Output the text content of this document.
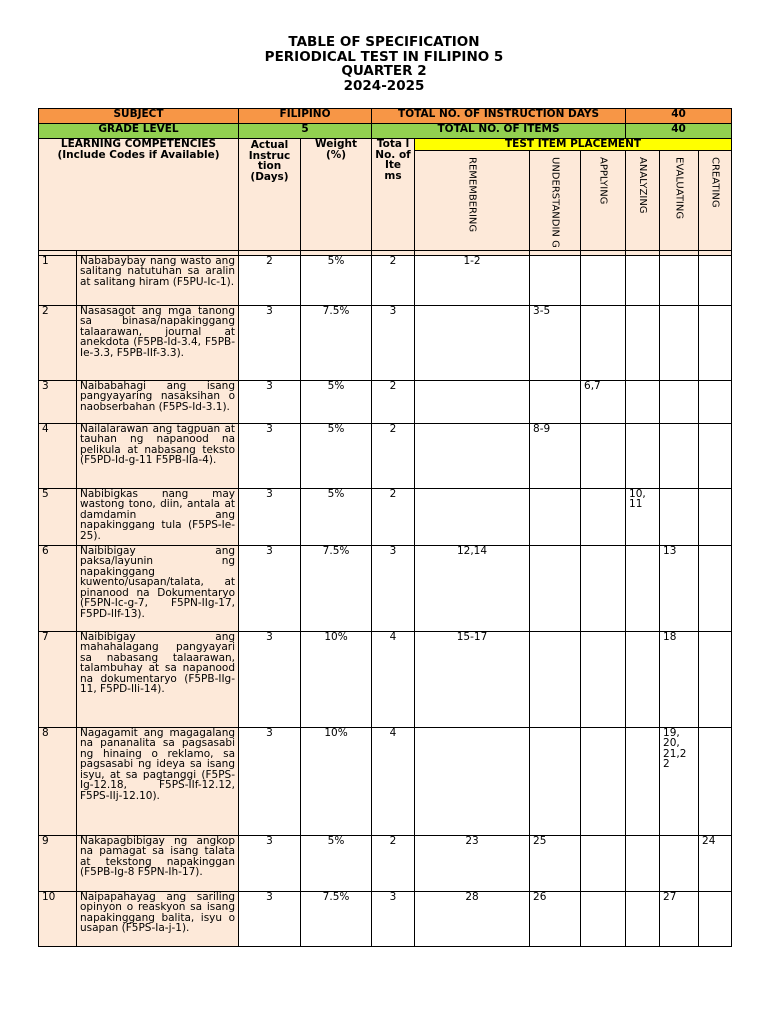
TABLE OF SPECIFICATION
PERIODICAL TEST IN FILIPINO 5
QUARTER 2
2024-2025
SUBJECT		FILIPINO		TOTAL NO. OF INSTRUCTION DAYS				40		
GRADE LEVEL		5		TOTAL NO. OF ITEMS				40		
LEARNING COMPETENCIES (Include Codes if Available)		Actual Instruc tion (Days)	Weight (%)	Tota l No. of Ite ms	TEST ITEM PLACEMENT					
					REMEMBERING	UNDERSTANDIN G	APPLYING	ANALYZING	EVALUATING	CREATING

1	Nababaybay nang wasto ang salitang natutuhan sa aralin at salitang hiram (F5PU-Ic-1).	2	5%	2	1-2					
2	Nasasagot ang mga tanong sa binasa/napakinggang talaarawan, journal at anekdota (F5PB-Id-3.4, F5PB-Ie-3.3, F5PB-IIf-3.3).	3	7.5%	3		3-5				
3	Naibabahagi ang isang pangyayaring nasaksihan o naobserbahan (F5PS-Id-3.1).	3	5%	2			6,7			
4	Nailalarawan ang tagpuan at tauhan ng napanood na pelikula at nabasang teksto (F5PD-Id-g-11 F5PB-IIa-4).	3	5%	2		8-9				
5	Nabibigkas nang may wastong tono, diin, antala at damdamin ang napakinggang tula (F5PS-Ie-25).	3	5%	2				10, 11		
6	Naibibigay ang paksa/layunin ng napakinggang kuwento/usapan/talata, at pinanood na Dokumentaryo (F5PN-Ic-g-7, F5PN-IIg-17, F5PD-IIf-13).	3	7.5%	3	12,14				13	
7	Naibibigay ang mahahalagang pangyayari sa nabasang talaarawan, talambuhay at sa napanood na dokumentaryo (F5PB-IIg-11, F5PD-IIi-14).	3	10%	4	15-17				18	
8	Nagagamit ang magagalang na pananalita sa pagsasabi ng hinaing o reklamo, sa pagsasabi ng ideya sa isang isyu, at sa pagtanggi (F5PS-Ig-12.18, F5PS-IIf-12.12, F5PS-IIj-12.10).	3	10%	4					19, 20, 21,2 2	
9	Nakapagbibigay ng angkop na pamagat sa isang talata at tekstong napakinggan (F5PB-Ig-8 F5PN-Ih-17).	3	5%	2	23	25				24
10	Naipapahayag ang sariling opinyon o reaskyon sa isang napakinggang balita, isyu o usapan (F5PS-Ia-j-1).	3	7.5%	3	28	26			27	
